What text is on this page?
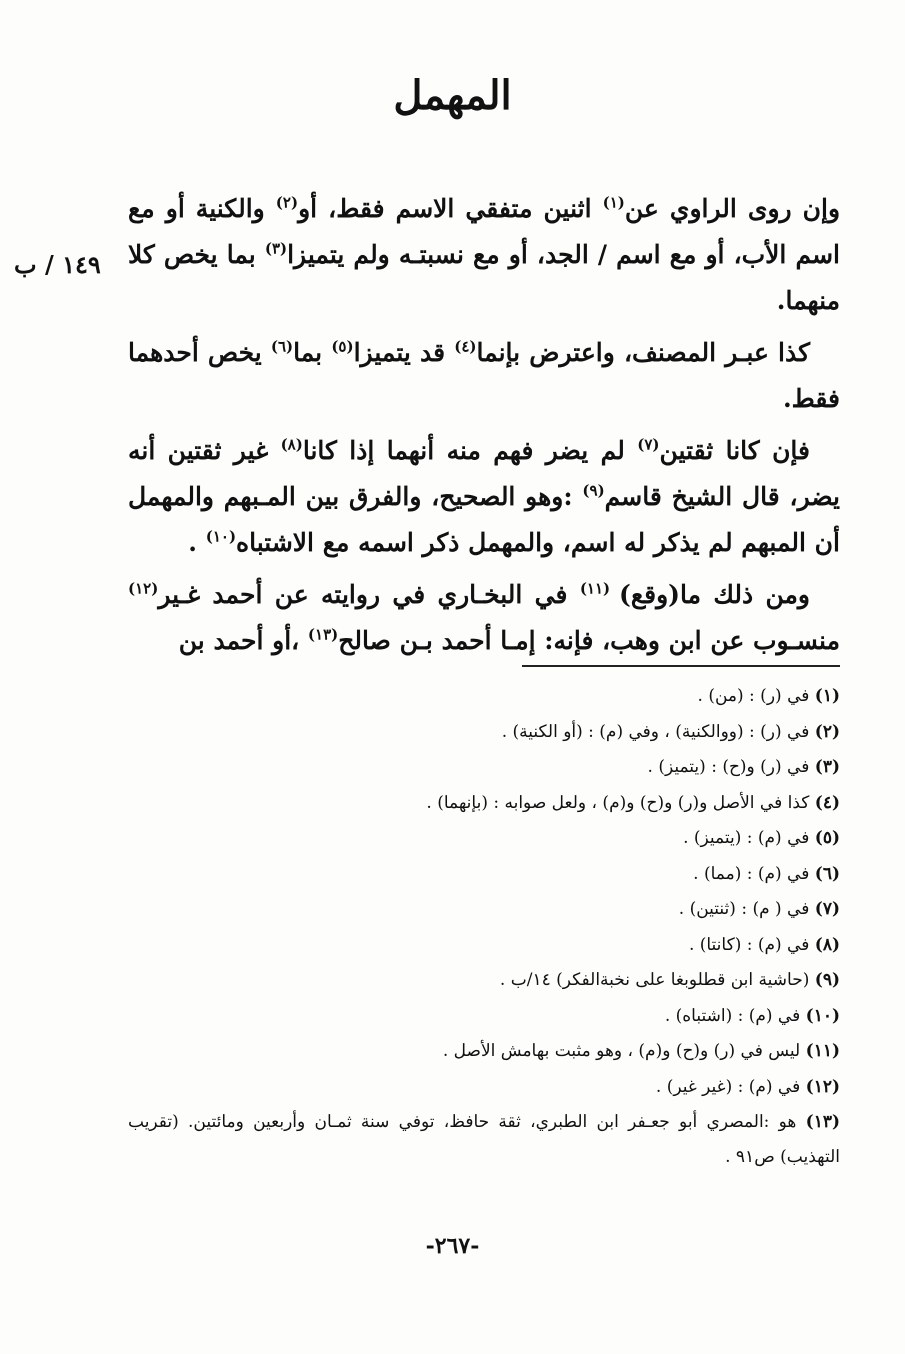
المهمل
١٤٩ / ب

وإن روى الراوي عن$^{(١)}$ اثنين متفقي الاسم فقط، أو$^{(٢)}$ والكنية أو مع اسم الأب، أو مع اسم / الجد، أو مع نسبتـه ولم يتميزا$^{(٣)}$ بما يخص كلا منهما.

كذا عبـر المصنف، واعترض بإنما$^{(٤)}$ قد يتميزا$^{(٥)}$ بما$^{(٦)}$ يخص أحدهما فقط.

فإن كانا ثقتين$^{(٧)}$ لم يضر فهم منه أنهما إذا كانا$^{(٨)}$ غير ثقتين أنه يضر، قال الشيخ قاسم$^{(٩)}$ :وهو الصحيح، والفرق بين المـبهم والمهمل أن المبهم لم يذكر له اسم، والمهمل ذكر اسمه مع الاشتباه$^{(١٠)}$ .

ومن ذلك ما(وقع) $^{(١١)}$ في البخـاري في روايته عن أحمد غـير$^{(١٢)}$ منسـوب عن ابن وهب، فإنه: إمـا أحمد بـن صالح$^{(١٣)}$ ،أو أحمد بن

(١) في (ر) : (من) .
(٢) في (ر) : (ووالكنية) ، وفي (م) : (أو الكنية) .
(٣) في (ر) و(ح) : (يتميز) .
(٤) كذا في الأصل و(ر) و(ح) و(م) ، ولعل صوابه : (بإنهما) .
(٥) في (م) : (يتميز) .
(٦) في (م) : (مما) .
(٧) في ( م) : (ثنتين) .
(٨) في (م) : (كانتا) .
(٩) (حاشية ابن قطلوبغا على نخبةالفكر) ١٤/ب .
(١٠) في (م) : (اشتباه) .
(١١) ليس في (ر) و(ح) و(م) ، وهو مثبت بهامش الأصل .
(١٢) في (م) : (غير غير) .
(١٣) هو :المصري أبو جعـفر ابن الطبري، ثقة حافظ، توفي سنة ثمـان وأربعين ومائتين. (تقريب التهذيب) ص٩١ .
-٢٦٧-
